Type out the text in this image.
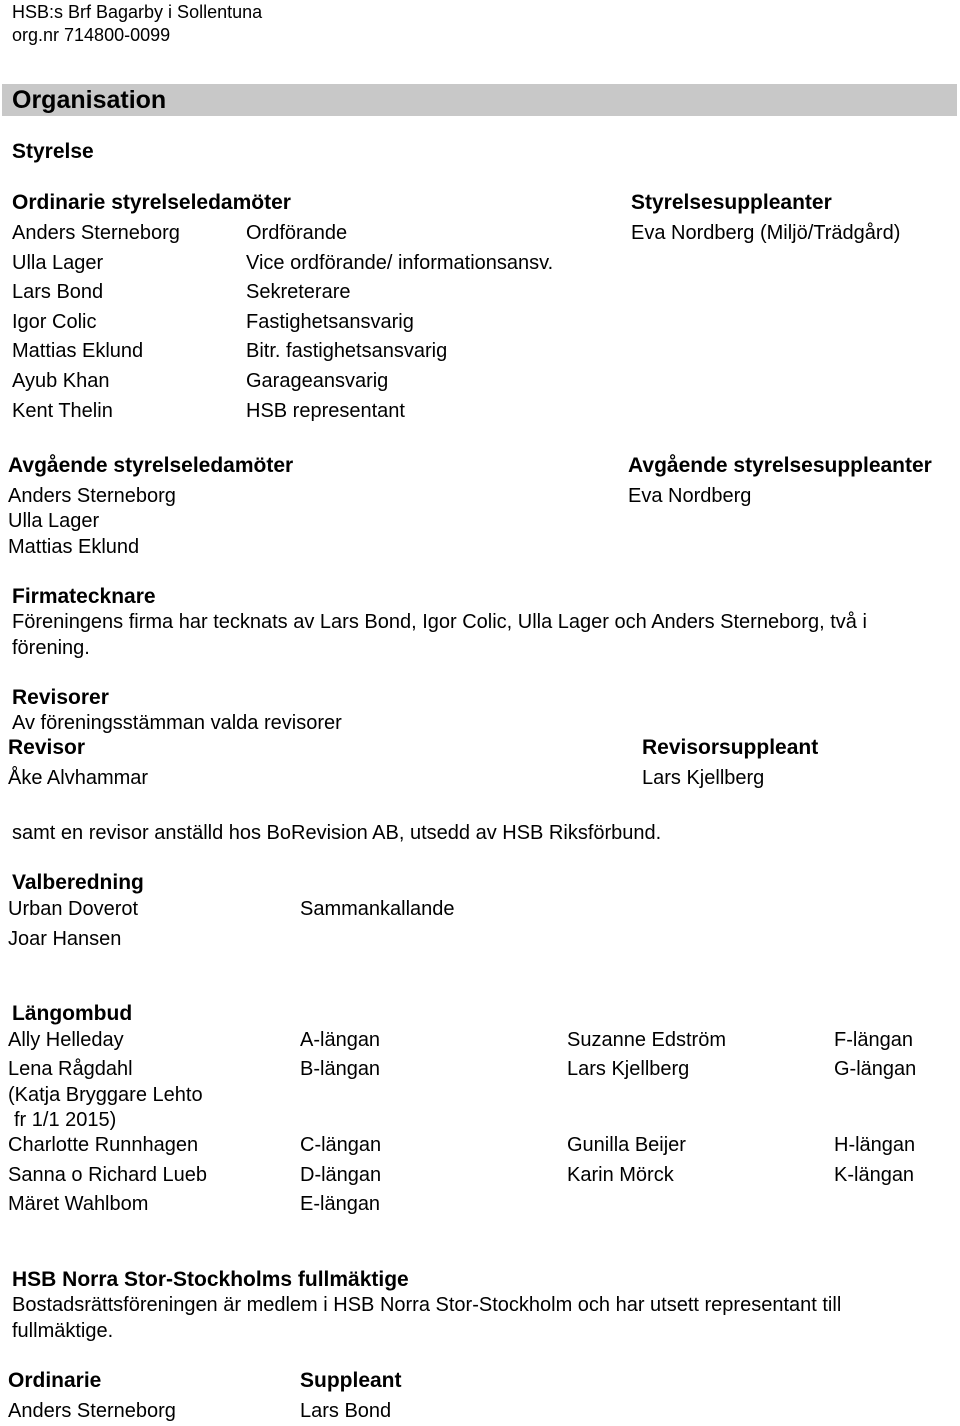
HSB:s Brf Bagarby i Sollentuna
org.nr 714800-0099
Organisation
Styrelse
Ordinarie styrelseledamöter	Styrelsesuppleanter
Anders Sterneborg	Ordförande	Eva Nordberg (Miljö/Trädgård)
Ulla Lager	Vice ordförande/ informationsansv.
Lars Bond	Sekreterare
Igor Colic	Fastighetsansvarig
Mattias Eklund	Bitr. fastighetsansvarig
Ayub Khan	Garageansvarig
Kent Thelin	HSB representant
Avgående styrelseledamöter	Avgående styrelsesuppleanter
Anders Sterneborg	Eva Nordberg
Ulla Lager
Mattias Eklund
Firmatecknare
Föreningens firma har tecknats av Lars Bond, Igor Colic, Ulla Lager och Anders Sterneborg, två i förening.
Revisorer
Av föreningsstämman valda revisorer
Revisor	Revisorsuppleant
Åke Alvhammar	Lars Kjellberg
samt en revisor anställd hos BoRevision AB, utsedd av HSB Riksförbund.
Valberedning
Urban Doverot	Sammankallande
Joar Hansen
Längombud
Ally Helleday	A-längan	Suzanne Edström	F-längan
Lena Rågdahl	B-längan	Lars Kjellberg	G-längan
(Katja Bryggare Lehto
fr 1/1 2015)
Charlotte Runnhagen	C-längan	Gunilla Beijer	H-längan
Sanna o Richard Lueb	D-längan	Karin Mörck	K-längan
Märet Wahlbom	E-längan
HSB Norra Stor-Stockholms fullmäktige
Bostadsrättsföreningen är medlem i HSB Norra Stor-Stockholm och har utsett representant till fullmäktige.
Ordinarie	Suppleant
Anders Sterneborg	Lars Bond
